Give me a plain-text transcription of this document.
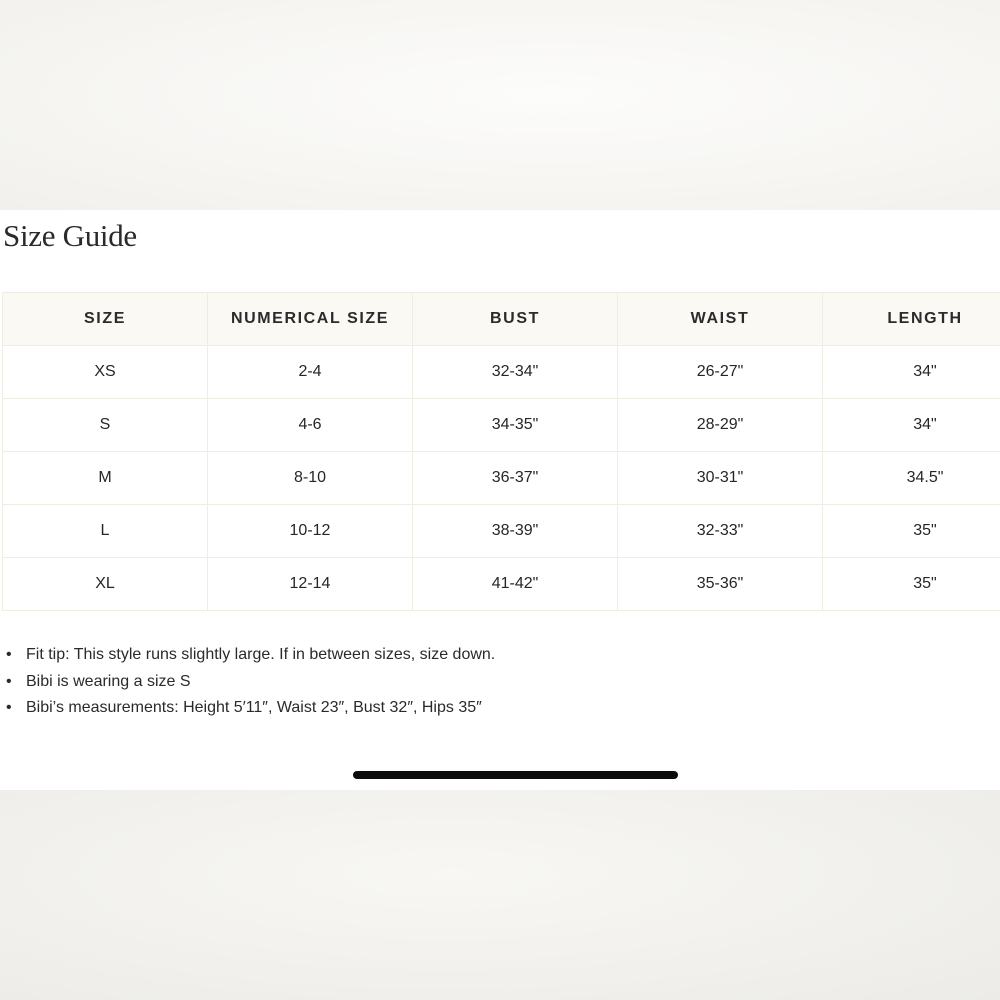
Size Guide
SIZE	NUMERICAL SIZE	BUST	WAIST	LENGTH
XS	2-4	32-34"	26-27"	34"
S	4-6	34-35"	28-29"	34"
M	8-10	36-37"	30-31"	34.5"
L	10-12	38-39"	32-33"	35"
XL	12-14	41-42"	35-36"	35"
• Fit tip: This style runs slightly large. If in between sizes, size down.
• Bibi is wearing a size S
• Bibi’s measurements: Height 5′11″, Waist 23″, Bust 32″, Hips 35″
